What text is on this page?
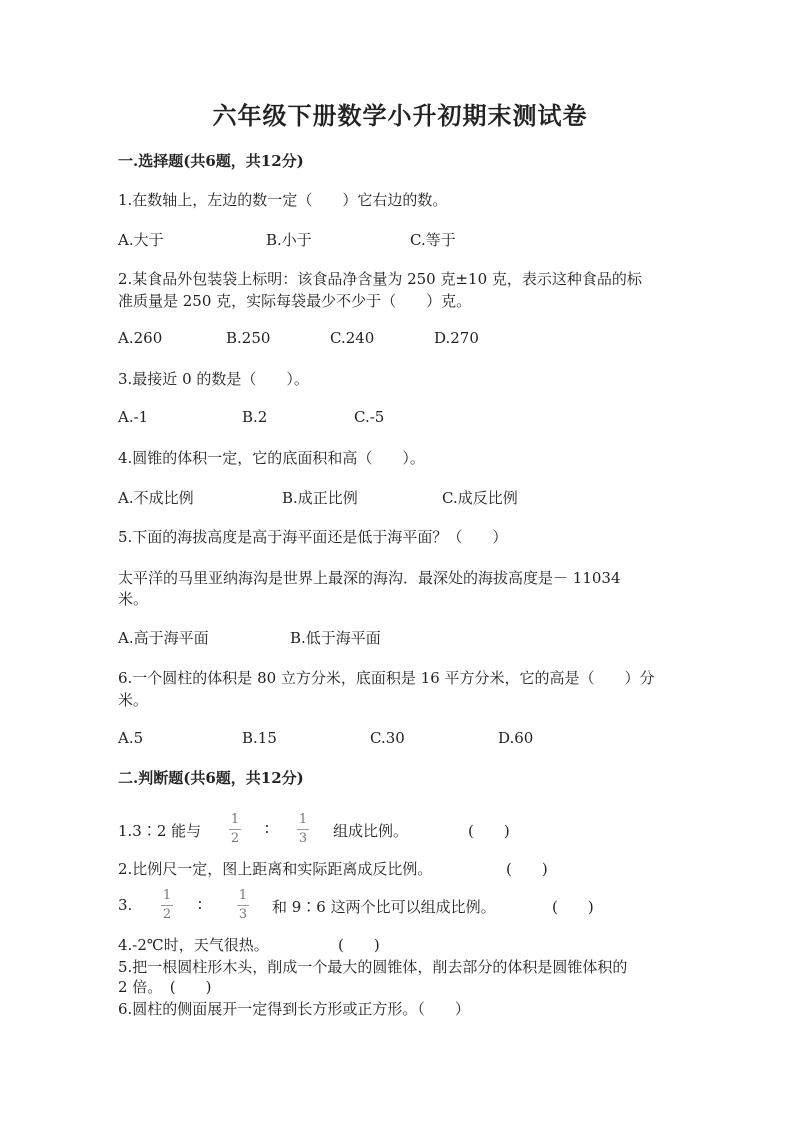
六年级下册数学小升初期末测试卷
一.选择题(共6题，共12分)
1.在数轴上，左边的数一定（　　）它右边的数。
A.大于	B.小于	C.等于
2.某食品外包装袋上标明：该食品净含量为 250 克±10 克，表示这种食品的标
准质量是 250 克，实际每袋最少不少于（　　）克。
A.260	B.250	C.240	D.270
3.最接近 0 的数是（　　）。
A.-1	B.2	C.-5
4.圆锥的体积一定，它的底面积和高（　　）。
A.不成比例	B.成正比例	C.成反比例
5.下面的海拔高度是高于海平面还是低于海平面？（　　）
太平洋的马里亚纳海沟是世界上最深的海沟．最深处的海拔高度是－ 11034
米。
A.高于海平面	B.低于海平面
6.一个圆柱的体积是 80 立方分米，底面积是 16 平方分米，它的高是（　　）分
米。
A.5	B.15	C.30	D.60
二.判断题(共6题，共12分)
1.3∶2 能与
1
2
∶
1
3	组成比例。	(　　)
2.比例尺一定，图上距离和实际距离成反比例。	(　　)
3.
1
2
∶
1
3	和 9∶6 这两个比可以组成比例。	(　　)
4.-2℃时，天气很热。	(　　)
5.把一根圆柱形木头，削成一个最大的圆锥体，削去部分的体积是圆锥体积的
2 倍。　(　　)
6.圆柱的侧面展开一定得到长方形或正方形。（　　）
